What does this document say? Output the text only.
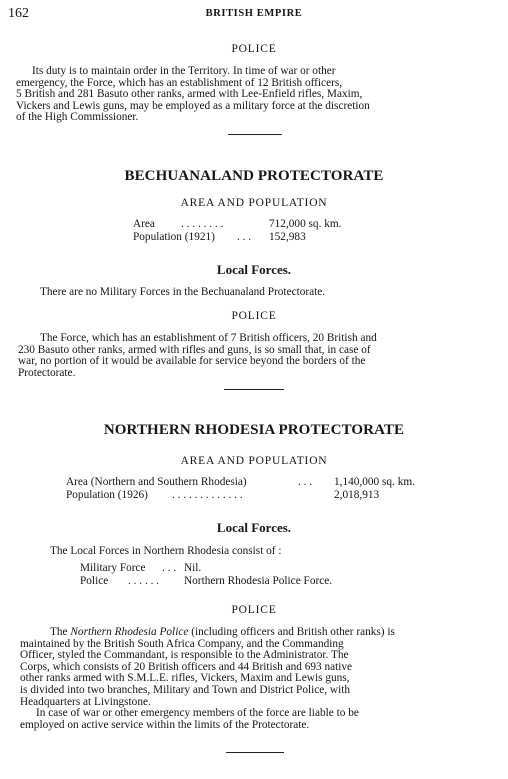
162	BRITISH EMPIRE
POLICE
Its duty is to maintain order in the Territory. In time of war or other
emergency, the Force, which has an establishment of 12 British officers,
5 British and 281 Basuto other ranks, armed with Lee-Enfield rifles, Maxim,
Vickers and Lewis guns, may be employed as a military force at the discretion
of the High Commissioner.
BECHUANALAND PROTECTORATE
AREA AND POPULATION
Area . . . . . . . .	712,000 sq. km.
Population (1921) . . . 152,983
Local Forces.
There are no Military Forces in the Bechuanaland Protectorate.
POLICE
The Force, which has an establishment of 7 British officers, 20 British and
230 Basuto other ranks, armed with rifles and guns, is so small that, in case of
war, no portion of it would be available for service beyond the borders of the
Protectorate.
NORTHERN RHODESIA PROTECTORATE
AREA AND POPULATION
Area (Northern and Southern Rhodesia)	. . . 1,140,000 sq. km.
Population (1926) . . . . . . . . . . . . .	2,018,913
Local Forces.
The Local Forces in Northern Rhodesia consist of :
Military Force . . . Nil.
Police . . . . . . Northern Rhodesia Police Force.
POLICE
The Northern Rhodesia Police (including officers and British other ranks) is
maintained by the British South Africa Company, and the Commanding
Officer, styled the Commandant, is responsible to the Administrator. The
Corps, which consists of 20 British officers and 44 British and 693 native
other ranks armed with S.M.L.E. rifles, Vickers, Maxim and Lewis guns,
is divided into two branches, Military and Town and District Police, with
Headquarters at Livingstone.
In case of war or other emergency members of the force are liable to be
employed on active service within the limits of the Protectorate.
